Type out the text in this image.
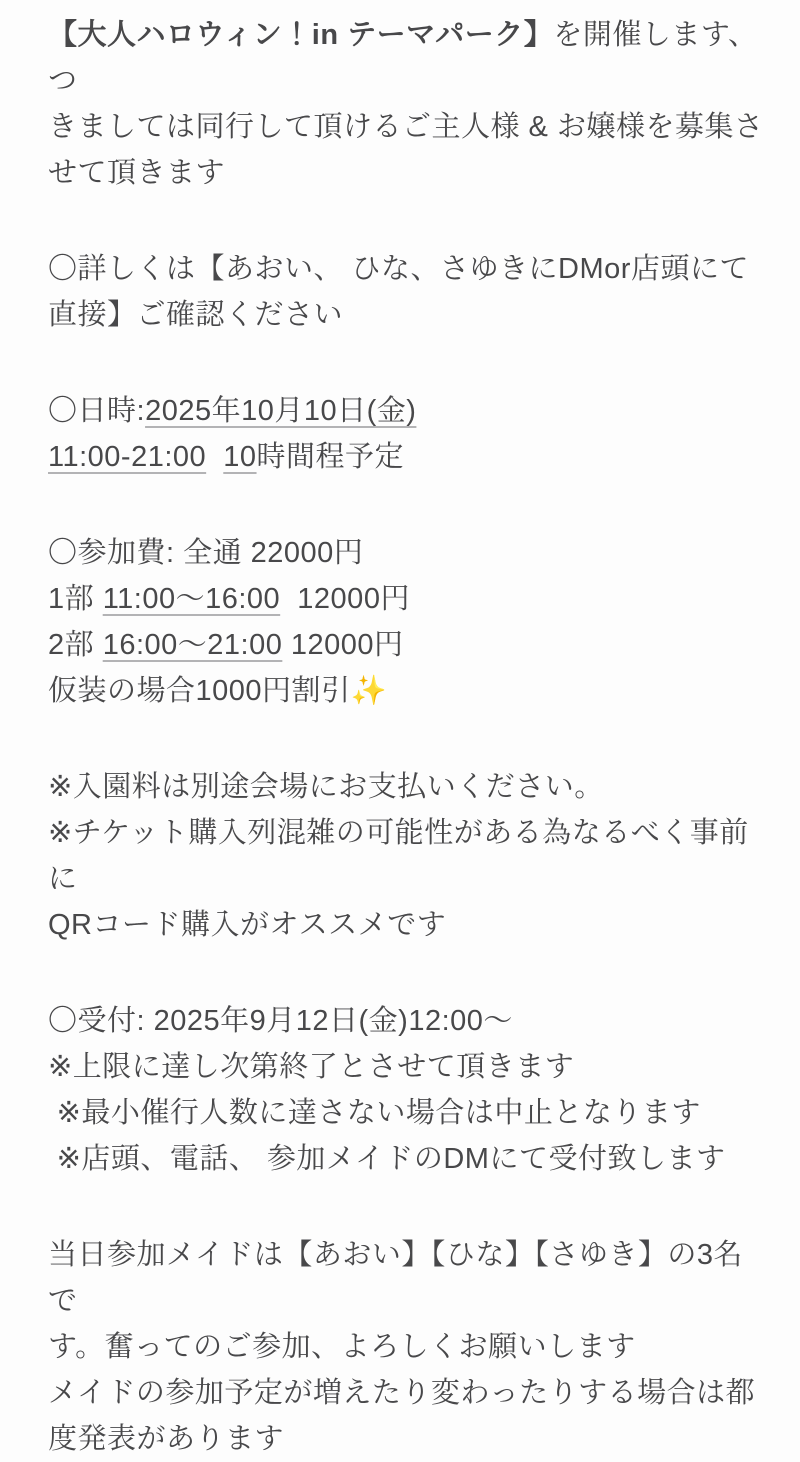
【大人ハロウィン！in テーマパーク】を開催します、 つ
きましては同行して頂けるご主人様 & お嬢様を募集さ
せて頂きます

〇詳しくは【あおい、 ひな、さゆきにDMor店頭にて
直接】ご確認ください

〇日時:2025年10月10日(金)
11:00-21:00 10時間程予定

〇参加費: 全通 22000円
1部 11:00～16:00  12000円
2部 16:00～21:00 12000円
仮装の場合1000円割引✨

※入園料は別途会場にお支払いください。
※チケット購入列混雑の可能性がある為なるべく事前に
QRコード購入がオススメです

〇受付: 2025年9月12日(金)12:00～
※上限に達し次第終了とさせて頂きます
※最小催行人数に達さない場合は中止となります
※店頭、電話、 参加メイドのDMにて受付致します

当日参加メイドは【あおい】【ひな】【さゆき】の3名で
す。奮ってのご参加、よろしくお願いします
メイドの参加予定が増えたり変わったりする場合は都
度発表があります
